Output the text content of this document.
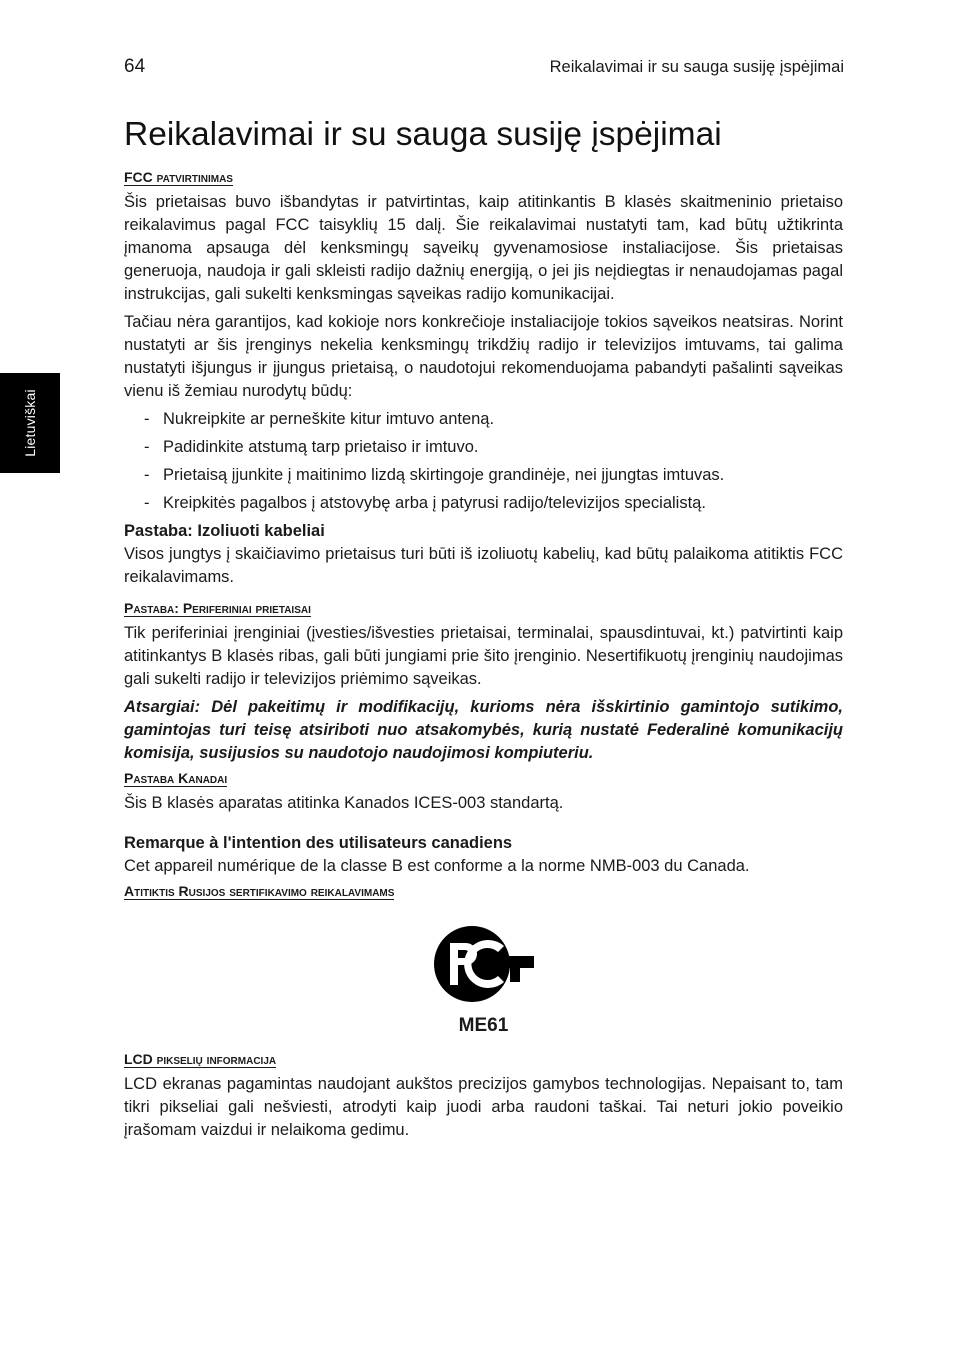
64	Reikalavimai ir su sauga susiję įspėjimai
Lietuviškai
Reikalavimai ir su sauga susiję įspėjimai
FCC patvirtinimas

Šis prietaisas buvo išbandytas ir patvirtintas, kaip atitinkantis B klasės skaitmeninio prietaiso reikalavimus pagal FCC taisyklių 15 dalį. Šie reikalavimai nustatyti tam, kad būtų užtikrinta įmanoma apsauga dėl kenksmingų sąveikų gyvenamosiose instaliacijose. Šis prietaisas generuoja, naudoja ir gali skleisti radijo dažnių energiją, o jei jis neįdiegtas ir nenaudojamas pagal instrukcijas, gali sukelti kenksmingas sąveikas radijo komunikacijai.

Tačiau nėra garantijos, kad kokioje nors konkrečioje instaliacijoje tokios sąveikos neatsiras. Norint nustatyti ar šis įrenginys nekelia kenksmingų trikdžių radijo ir televizijos imtuvams, tai galima nustatyti išjungus ir įjungus prietaisą, o naudotojui rekomenduojama pabandyti pašalinti sąveikas vienu iš žemiau nurodytų būdų:

- Nukreipkite ar perneškite kitur imtuvo anteną.
- Padidinkite atstumą tarp prietaiso ir imtuvo.
- Prietaisą įjunkite į maitinimo lizdą skirtingoje grandinėje, nei įjungtas imtuvas.
- Kreipkitės pagalbos į atstovybę arba į patyrusi radijo/televizijos specialistą.
Pastaba: Izoliuoti kabeliai

Visos jungtys į skaičiavimo prietaisus turi būti iš izoliuotų kabelių, kad būtų palaikoma atitiktis FCC reikalavimams.

Pastaba: Periferiniai prietaisai

Tik periferiniai įrenginiai (įvesties/išvesties prietaisai, terminalai, spausdintuvai, kt.) patvirtinti kaip atitinkantys B klasės ribas, gali būti jungiami prie šito įrenginio. Nesertifikuotų įrenginių naudojimas gali sukelti radijo ir televizijos priėmimo sąveikas.

Atsargiai: Dėl pakeitimų ir modifikacijų, kurioms nėra išskirtinio gamintojo sutikimo, gamintojas turi teisę atsiriboti nuo atsakomybės, kurią nustatė Federalinė komunikacijų komisija, susijusios su naudotojo naudojimosi kompiuteriu.

Pastaba Kanadai

Šis B klasės aparatas atitinka Kanados ICES-003 standartą.

Remarque à l'intention des utilisateurs canadiens

Cet appareil numérique de la classe B est conforme a la norme NMB-003 du Canada.

Atitiktis Rusijos sertifikavimo reikalavimams
ME61
LCD pikselių informacija

LCD ekranas pagamintas naudojant aukštos precizijos gamybos technologijas. Nepaisant to, tam tikri pikseliai gali nešviesti, atrodyti kaip juodi arba raudoni taškai. Tai neturi jokio poveikio įrašomam vaizdui ir nelaikoma gedimu.
